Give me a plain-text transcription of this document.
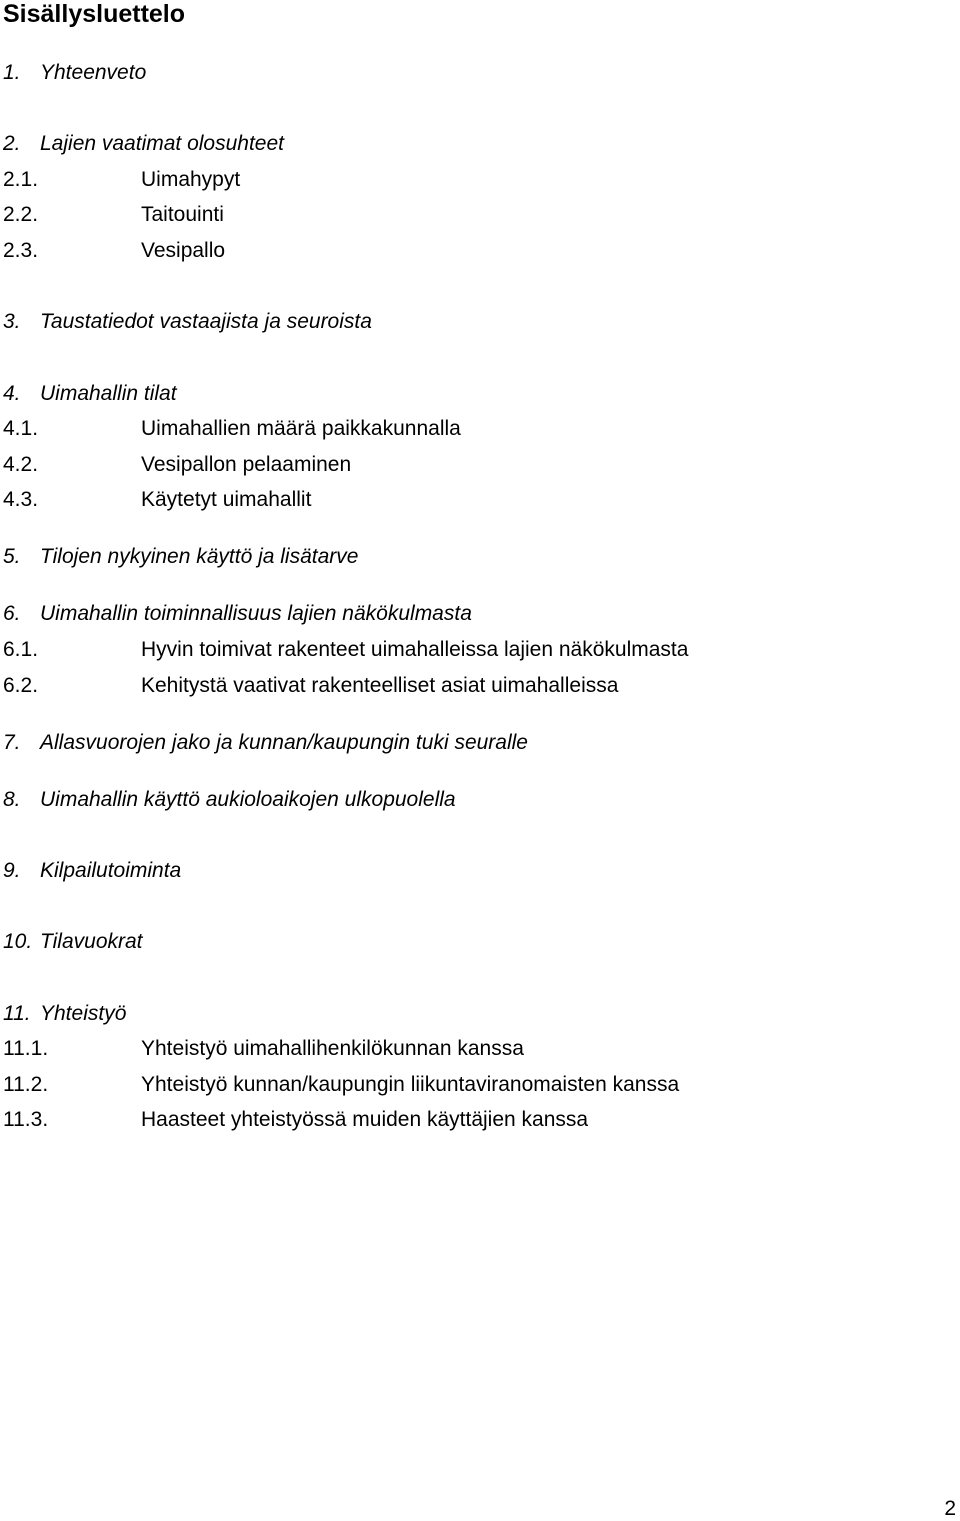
Sisällysluettelo
1. Yhteenveto
2. Lajien vaatimat olosuhteet
2.1.	Uimahypyt
2.2.	Taitouinti
2.3.	Vesipallo
3. Taustatiedot vastaajista ja seuroista
4. Uimahallin tilat
4.1.	Uimahallien määrä paikkakunnalla
4.2.	Vesipallon pelaaminen
4.3.	Käytetyt uimahallit
5. Tilojen nykyinen käyttö ja lisätarve
6. Uimahallin toiminnallisuus lajien näkökulmasta
6.1.	Hyvin toimivat rakenteet uimahalleissa lajien näkökulmasta
6.2.	Kehitystä vaativat rakenteelliset asiat uimahalleissa
7. Allasvuorojen jako ja kunnan/kaupungin tuki seuralle
8. Uimahallin käyttö aukioloaikojen ulkopuolella
9. Kilpailutoiminta
10. Tilavuokrat
11. Yhteistyö
11.1.	Yhteistyö uimahallihenkilökunnan kanssa
11.2.	Yhteistyö kunnan/kaupungin liikuntaviranomaisten kanssa
11.3.	Haasteet yhteistyössä muiden käyttäjien kanssa
2
